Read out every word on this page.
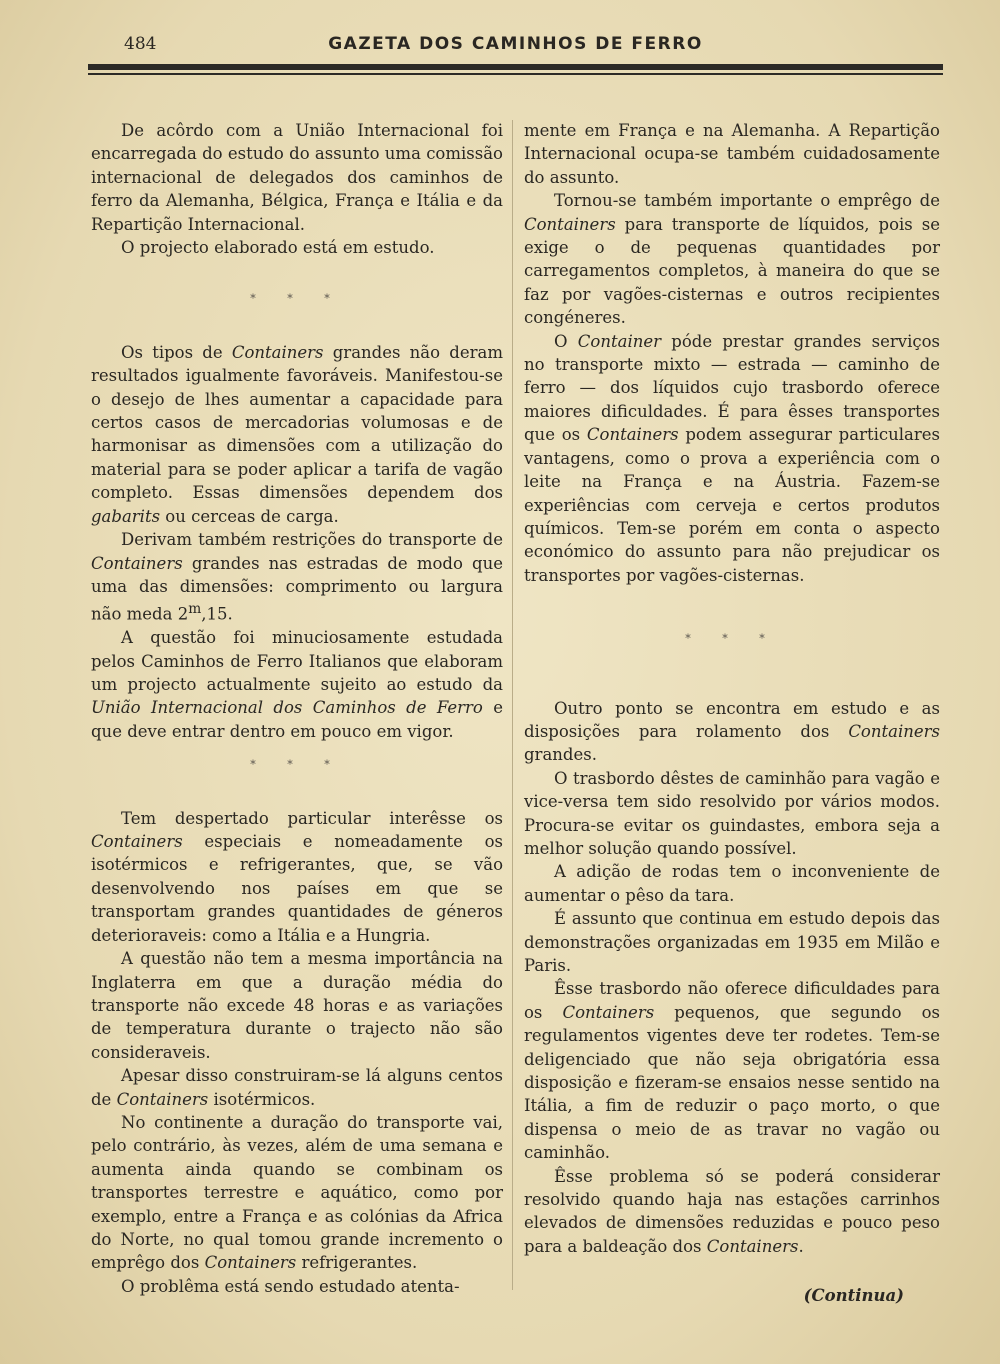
484	GAZETA DOS CAMINHOS DE FERRO

De acôrdo com a União Internacional foi encarregada do estudo do assunto uma comissão internacional de delegados dos caminhos de ferro da Alemanha, Bélgica, França e Itália e da Repartição Internacional.

O projecto elaborado está em estudo.

* * *

Os tipos de Containers grandes não deram resultados igualmente favoráveis. Manifestou-se o desejo de lhes aumentar a capacidade para certos casos de mercadorias volumosas e de harmonisar as dimensões com a utilização do material para se poder aplicar a tarifa de vagão completo. Essas dimensões dependem dos gabarits ou cerceas de carga.

Derivam também restrições do transporte de Containers grandes nas estradas de modo que uma das dimensões: comprimento ou largura não meda 2$^m$,15.

A questão foi minuciosamente estudada pelos Caminhos de Ferro Italianos que elaboram um projecto actualmente sujeito ao estudo da União Internacional dos Caminhos de Ferro e que deve entrar dentro em pouco em vigor.

* * *

Tem despertado particular interêsse os Containers especiais e nomeadamente os isotérmicos e refrigerantes, que, se vão desenvolvendo nos países em que se transportam grandes quantidades de géneros deterioraveis: como a Itália e a Hungria.

A questão não tem a mesma importância na Inglaterra em que a duração média do transporte não excede 48 horas e as variações de temperatura durante o trajecto não são consideraveis.

Apesar disso construiram-se lá alguns centos de Containers isotérmicos.

No continente a duração do transporte vai, pelo contrário, às vezes, além de uma semana e aumenta ainda quando se combinam os transportes terrestre e aquático, como por exemplo, entre a França e as colónias da Africa do Norte, no qual tomou grande incremento o emprêgo dos Containers refrigerantes.

O problêma está sendo estudado atenta-

mente em França e na Alemanha. A Repartição Internacional ocupa-se também cuidadosamente do assunto.

Tornou-se também importante o emprêgo de Containers para transporte de líquidos, pois se exige o de pequenas quantidades por carregamentos completos, à maneira do que se faz por vagões-cisternas e outros recipientes congéneres.

O Container póde prestar grandes serviços no transporte mixto — estrada — caminho de ferro — dos líquidos cujo trasbordo oferece maiores dificuldades. É para êsses transportes que os Containers podem assegurar particulares vantagens, como o prova a experiência com o leite na França e na Áustria. Fazem-se experiências com cerveja e certos produtos químicos. Tem-se porém em conta o aspecto económico do assunto para não prejudicar os transportes por vagões-cisternas.

* * *

Outro ponto se encontra em estudo e as disposições para rolamento dos Containers grandes.

O trasbordo dêstes de caminhão para vagão e vice-versa tem sido resolvido por vários modos. Procura-se evitar os guindastes, embora seja a melhor solução quando possível.

A adição de rodas tem o inconveniente de aumentar o pêso da tara.

É assunto que continua em estudo depois das demonstrações organizadas em 1935 em Milão e Paris.

Êsse trasbordo não oferece dificuldades para os Containers pequenos, que segundo os regulamentos vigentes deve ter rodetes. Tem-se deligenciado que não seja obrigatória essa disposição e fizeram-se ensaios nesse sentido na Itália, a fim de reduzir o paço morto, o que dispensa o meio de as travar no vagão ou caminhão.

Êsse problema só se poderá considerar resolvido quando haja nas estações carrinhos elevados de dimensões reduzidas e pouco peso para a baldeação dos Containers.

(Continua)
